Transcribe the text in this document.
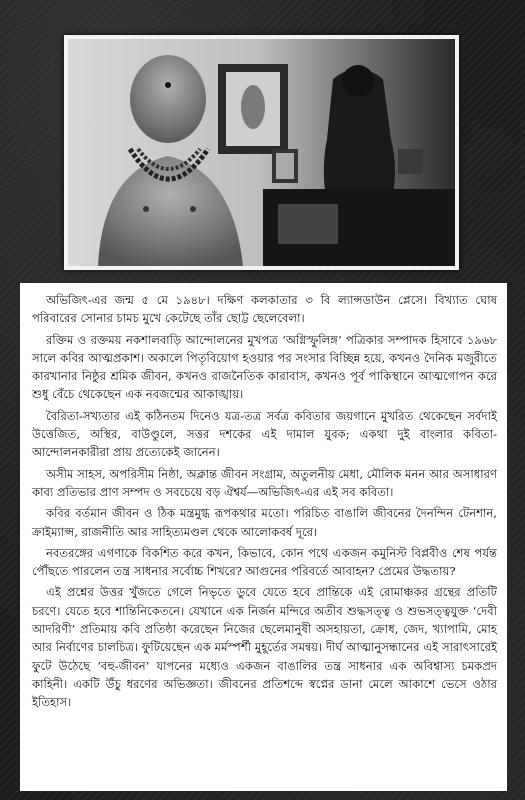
অভিজিৎ-এর জন্ম ৫ মে ১৯৪৮। দক্ষিণ কলকাতার ৩ বি ল্যান্সডাউন প্লেসে। বিখ্যাত ঘোষ পরিবারের সোনার চামচ মুখে কেটেছে তাঁর ছোট্ট ছেলেবেলা।

রক্তিম ও রক্তময় নকশালবাড়ি আন্দোলনের মুখপত্র ‘অগ্নিস্ফুলিঙ্গ’ পত্রিকার সম্পাদক হিসাবে ১৯৬৮ সালে কবির আত্মপ্রকাশ। অকালে পিতৃবিয়োগ হওয়ার পর সংসার বিচ্ছিন্ন হয়ে, কখনও দৈনিক মজুরীতে কারখানার নিষ্ঠুর শ্রমিক জীবন, কখনও রাজনৈতিক কারাবাস, কখনও পূর্ব পাকিস্থানে আত্মগোপন করে শুধু বেঁচে থেকেছেন এক নবজন্মের আকাঙ্খায়।

বৈরিতা-সখ্যতার এই কঠিনতম দিনেও যত্র-তত্র সর্বত্র কবিতার জয়গানে মুখরিত থেকেছেন সর্বদাই উত্তেজিত, অস্থির, বাউণ্ডুলে, সত্তর দশকের এই দামাল যুবক; একথা দুই বাংলার কবিতা-আন্দোলনকারীরা প্রায় প্রত্যেকেই জানেন।

অসীম সাহস, অপরিসীম নিষ্ঠা, অক্লান্ত জীবন সংগ্রাম, অতুলনীয় মেধা, মৌলিক মনন আর অসাধারণ কাব্য প্রতিভার প্রাণ সম্পদ ও সবচেয়ে বড় ঐশ্বর্য—অভিজিৎ-এর এই সব কবিতা।

কবির বর্তমান জীবন ও ঠিক মন্ত্রমুগ্ধ রূপকথার মতো। পরিচিত বাঙালি জীবনের দৈনন্দিন টেনশান, ক্রাইম্যাপ্স, রাজনীতি আর সাহিত্যমণ্ডল থেকে আলোকবর্ষ দূরে।

নবতরঙ্গের এগণাকে বিকশিত করে কখন, কিভাবে, কোন পথে একজন কমুনিস্ট বিপ্লবীও শেষ পর্যন্ত পৌঁছতে পারলেন তন্ত্র সাধনার সর্বোচ্চ শিখরে? আগুনের পরিবর্তে আবাহন? প্রেমের উদ্ধতায়?

এই প্রশ্নের উত্তর খুঁজতে গেলে নিভৃতে ডুবে যেতে হবে প্রান্তিকে এই রোমাঞ্চকর গ্রন্থের প্রতিটি চরণে। যেতে হবে শান্তিনিকেতনে। যেখানে এক নির্জন মন্দিরে অতীব শুদ্ধসত্ত্ব ও শুভসত্ত্বযুক্ত ‘দেবী আদরিণী’ প্রতিমায় কবি প্রতিষ্ঠা করেছেন নিজের ছেলেমানুষী অসহায়তা, ক্রোধ, জেদ, খ্যাপামি, মোহ আর নির্বাণের চালচিত্র। ফুটিয়েছেন এক মর্মস্পর্শী মুহূর্তের সমন্বয়। দীর্ঘ আত্মানুসন্ধানের এই সারাৎসারেই ফুটে উঠেছে ‘বহু-জীবন’ যাপনের মধ্যেও একজন বাঙালির তন্ত্র সাধনার এক অবিশ্বাস্য চমকপ্রদ কাহিনী। একটি উঁচু ধরণের অভিজ্ঞতা। জীবনের প্রতিশব্দে স্বপ্নের ডানা মেলে আকাশে ভেসে ওঠার ইতিহাস।
